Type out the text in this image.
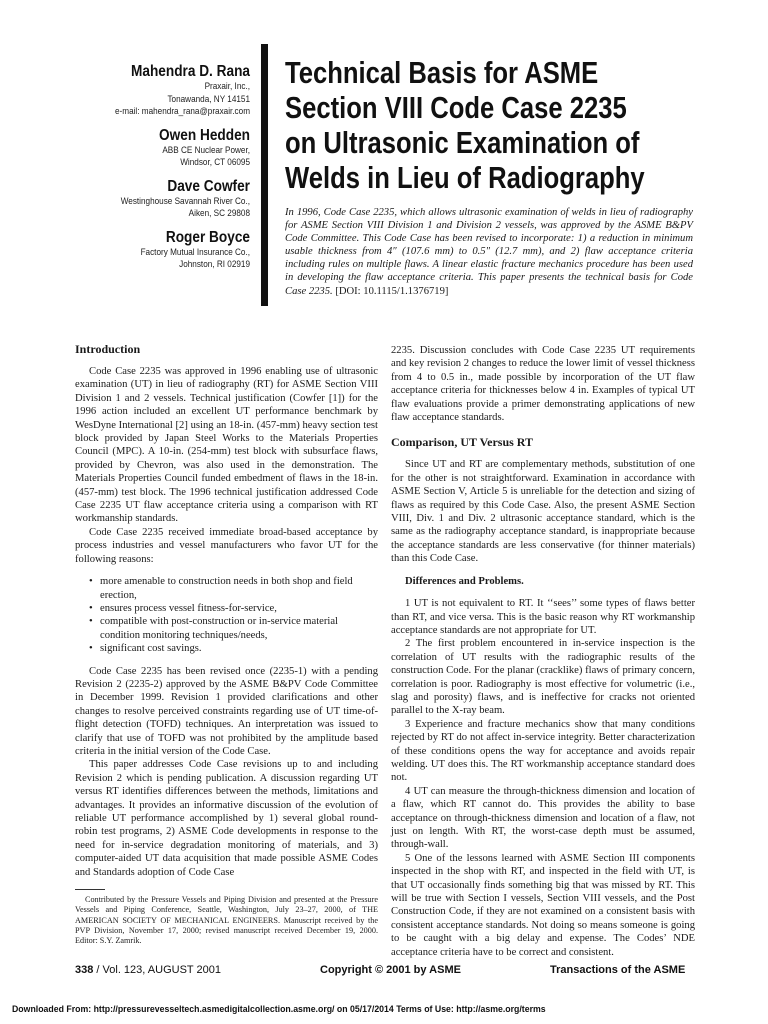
Mahendra D. Rana
Praxair, Inc.,
Tonawanda, NY 14151
e-mail: mahendra_rana@praxair.com
Owen Hedden
ABB CE Nuclear Power,
Windsor, CT 06095
Dave Cowfer
Westinghouse Savannah River Co.,
Aiken, SC 29808
Roger Boyce
Factory Mutual Insurance Co.,
Johnston, RI 02919
Technical Basis for ASME Section VIII Code Case 2235 on Ultrasonic Examination of Welds in Lieu of Radiography
In 1996, Code Case 2235, which allows ultrasonic examination of welds in lieu of radiography for ASME Section VIII Division 1 and Division 2 vessels, was approved by the ASME B&PV Code Committee. This Code Case has been revised to incorporate: 1) a reduction in minimum usable thickness from 4″ (107.6 mm) to 0.5″ (12.7 mm), and 2) flaw acceptance criteria including rules on multiple flaws. A linear elastic fracture mechanics procedure has been used in developing the flaw acceptance criteria. This paper presents the technical basis for Code Case 2235. [DOI: 10.1115/1.1376719]
Introduction

Code Case 2235 was approved in 1996 enabling use of ultrasonic examination (UT) in lieu of radiography (RT) for ASME Section VIII Division 1 and 2 vessels. Technical justification (Cowfer [1]) for the 1996 action included an excellent UT performance benchmark by WesDyne International [2] using an 18-in. (457-mm) heavy section test block provided by Japan Steel Works to the Materials Properties Council (MPC). A 10-in. (254-mm) test block with subsurface flaws, provided by Chevron, was also used in the demonstration. The Materials Properties Council funded embedment of flaws in the 18-in. (457-mm) test block. The 1996 technical justification addressed Code Case 2235 UT flaw acceptance criteria using a comparison with RT workmanship standards.

Code Case 2235 received immediate broad-based acceptance by process industries and vessel manufacturers who favor UT for the following reasons:

• more amenable to construction needs in both shop and field erection,
• ensures process vessel fitness-for-service,
• compatible with post-construction or in-service material condition monitoring techniques/needs,
• significant cost savings.

Code Case 2235 has been revised once (2235-1) with a pending Revision 2 (2235-2) approved by the ASME B&PV Code Committee in December 1999. Revision 1 provided clarifications and other changes to resolve perceived constraints regarding use of UT time-of-flight detection (TOFD) techniques. An interpretation was issued to clarify that use of TOFD was not prohibited by the amplitude based criteria in the initial version of the Code Case.

This paper addresses Code Case revisions up to and including Revision 2 which is pending publication. A discussion regarding UT versus RT identifies differences between the methods, limitations and advantages. It provides an informative discussion of the evolution of reliable UT performance accomplished by 1) several global round-robin test programs, 2) ASME Code developments in response to the need for in-service degradation monitoring of materials, and 3) computer-aided UT data acquisition that made possible ASME Codes and Standards adoption of Code Case

Contributed by the Pressure Vessels and Piping Division and presented at the Pressure Vessels and Piping Conference, Seattle, Washington, July 23–27, 2000, of THE AMERICAN SOCIETY OF MECHANICAL ENGINEERS. Manuscript received by the PVP Division, November 17, 2000; revised manuscript received December 19, 2000. Editor: S.Y. Zamrik.

2235. Discussion concludes with Code Case 2235 UT requirements and key revision 2 changes to reduce the lower limit of vessel thickness from 4 to 0.5 in., made possible by incorporation of the UT flaw acceptance criteria for thicknesses below 4 in. Examples of typical UT flaw evaluations provide a primer demonstrating applications of new flaw acceptance standards.

Comparison, UT Versus RT

Since UT and RT are complementary methods, substitution of one for the other is not straightforward. Examination in accordance with ASME Section V, Article 5 is unreliable for the detection and sizing of flaws as required by this Code Case. Also, the present ASME Section VIII, Div. 1 and Div. 2 ultrasonic acceptance standard, which is the same as the radiography acceptance standard, is inappropriate because the acceptance standards are less conservative (for thinner materials) than this Code Case.

Differences and Problems.

1 UT is not equivalent to RT. It ‘‘sees’’ some types of flaws better than RT, and vice versa. This is the basic reason why RT workmanship acceptance standards are not appropriate for UT.

2 The first problem encountered in in-service inspection is the correlation of UT results with the radiographic results of the construction Code. For the planar (cracklike) flaws of primary concern, correlation is poor. Radiography is most effective for volumetric (i.e., slag and porosity) flaws, and is ineffective for cracks not oriented parallel to the X-ray beam.

3 Experience and fracture mechanics show that many conditions rejected by RT do not affect in-service integrity. Better characterization of these conditions opens the way for acceptance and avoids repair welding. UT does this. The RT workmanship acceptance standard does not.

4 UT can measure the through-thickness dimension and location of a flaw, which RT cannot do. This provides the ability to base acceptance on through-thickness dimension and location of a flaw, not just on length. With RT, the worst-case depth must be assumed, through-wall.

5 One of the lessons learned with ASME Section III components inspected in the shop with RT, and inspected in the field with UT, is that UT occasionally finds something big that was missed by RT. This will be true with Section I vessels, Section VIII vessels, and the Post Construction Code, if they are not examined on a consistent basis with consistent acceptance standards. Not doing so means someone is going to be caught with a big delay and expense. The Codes’ NDE acceptance criteria have to be correct and consistent.

338 / Vol. 123, AUGUST 2001	Copyright © 2001 by ASME	Transactions of the ASME
Downloaded From: http://pressurevesseltech.asmedigitalcollection.asme.org/ on 05/17/2014 Terms of Use: http://asme.org/terms
